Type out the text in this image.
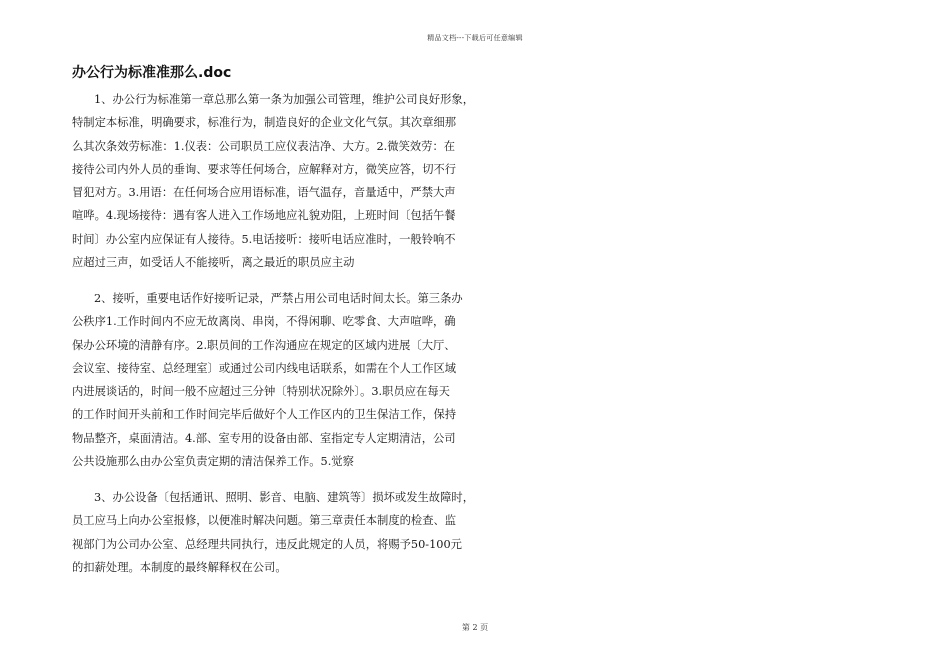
精品文档---下载后可任意编辑
办公行为标准准那么.doc
1、办公行为标准第一章总那么第一条为加强公司管理，维护公司良好形象，
特制定本标准，明确要求，标准行为，制造良好的企业文化气氛。其次章细那
么其次条效劳标准：1.仪表：公司职员工应仪表洁净、大方。2.微笑效劳：在
接待公司内外人员的垂询、要求等任何场合，应解释对方，微笑应答，切不行
冒犯对方。3.用语：在任何场合应用语标准，语气温存，音量适中，严禁大声
喧哗。4.现场接待：遇有客人进入工作场地应礼貌劝阻，上班时间〔包括午餐
时间〕办公室内应保证有人接待。5.电话接听：接听电话应准时，一般铃响不
应超过三声，如受话人不能接听，离之最近的职员应主动
2、接听，重要电话作好接听记录，严禁占用公司电话时间太长。第三条办
公秩序1.工作时间内不应无故离岗、串岗，不得闲聊、吃零食、大声喧哗，确
保办公环境的清静有序。2.职员间的工作沟通应在规定的区域内进展〔大厅、
会议室、接待室、总经理室〕或通过公司内线电话联系，如需在个人工作区域
内进展谈话的，时间一般不应超过三分钟〔特别状况除外〕。3.职员应在每天
的工作时间开头前和工作时间完毕后做好个人工作区内的卫生保洁工作，保持
物品整齐，桌面清洁。4.部、室专用的设备由部、室指定专人定期清洁，公司
公共设施那么由办公室负责定期的清洁保养工作。5.觉察
3、办公设备〔包括通讯、照明、影音、电脑、建筑等〕损坏或发生故障时，
员工应马上向办公室报修，以便准时解决问题。第三章责任本制度的检查、监
视部门为公司办公室、总经理共同执行，违反此规定的人员，将赐予50-100元
的扣薪处理。本制度的最终解释权在公司。
第 2 页
